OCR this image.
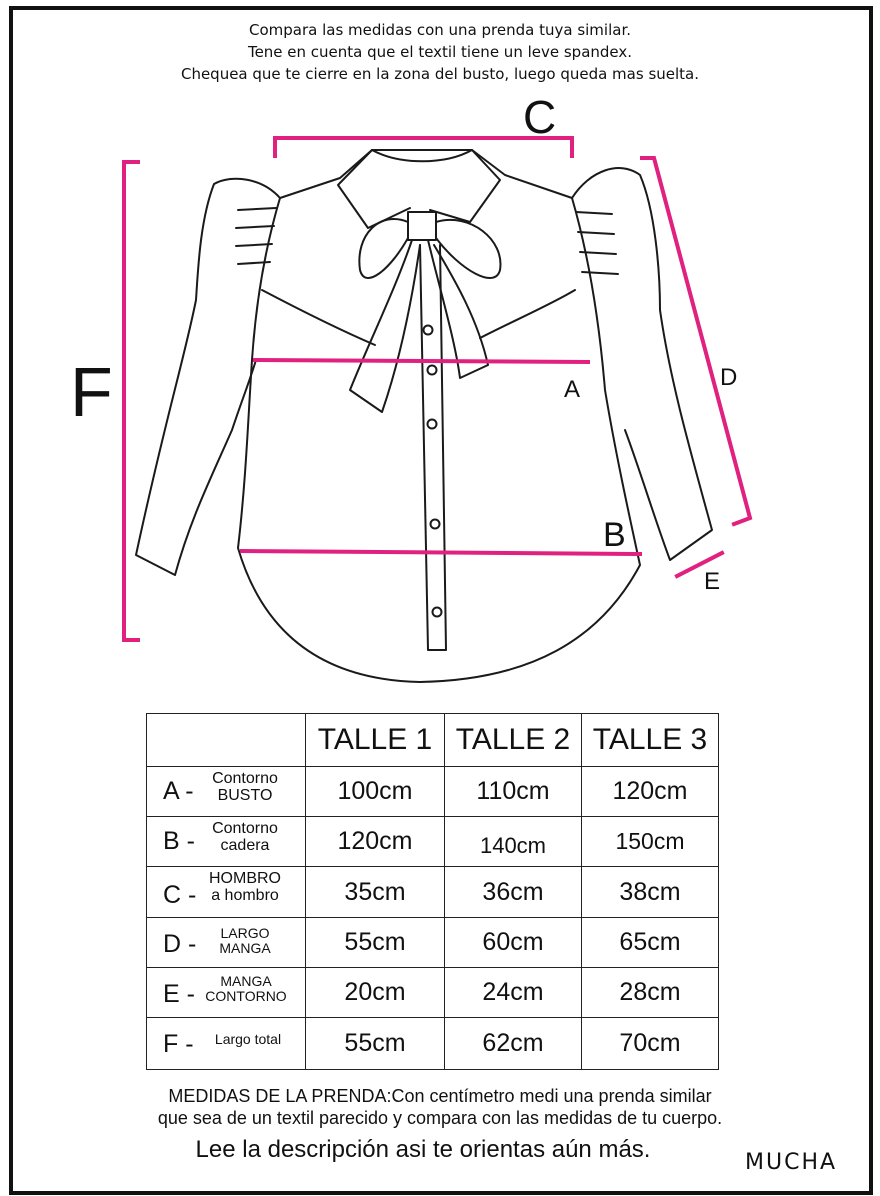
Compara las medidas con una prenda tuya similar.
Tene en cuenta que el textil tiene un leve spandex.
Chequea que te cierre en la zona del busto, luego queda mas suelta.
C
F	A	D
B
E
	TALLE 1	TALLE 2	TALLE 3

A - Contorno
BUSTO	100cm	110cm	120cm

B - Contorno
cadera	120cm	140cm	150cm

C -
HOMBRO
a hombro	35cm	36cm	38cm

D - LARGO
MANGA	55cm	60cm	65cm

E - MANGA
CONTORNO	20cm	24cm	28cm

F - Largo total	55cm	62cm	70cm
MEDIDAS DE LA PRENDA:Con centímetro medi una prenda similar
que sea de un textil parecido y compara con las medidas de tu cuerpo.
Lee la descripción asi te orientas aún más.	MUCHA
